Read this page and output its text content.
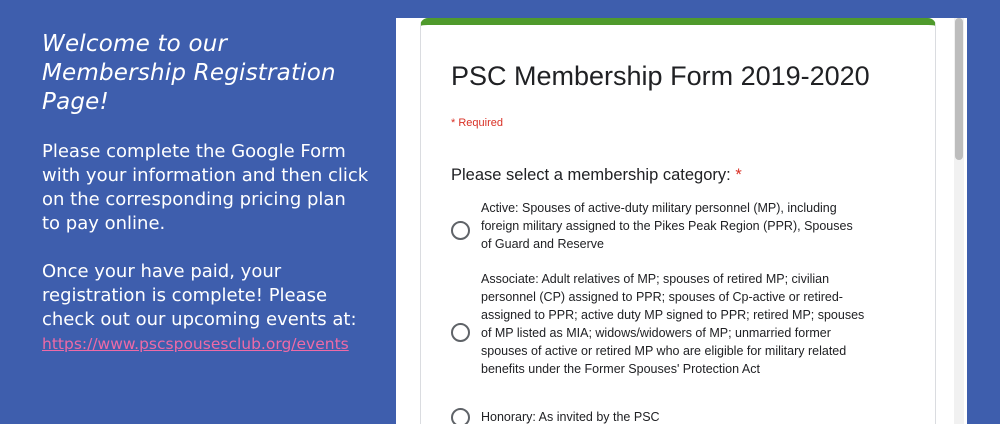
Welcome to our
Membership Registration
Page!
Please complete the Google Form
with your information and then click
on the corresponding pricing plan
to pay online.
Once your have paid, your
registration is complete! Please
check out our upcoming events at:
https://www.pscspousesclub.org/events
PSC Membership Form 2019-2020
* Required
Please select a membership category: *
Active: Spouses of active-duty military personnel (MP), including
foreign military assigned to the Pikes Peak Region (PPR), Spouses
of Guard and Reserve
Associate: Adult relatives of MP; spouses of retired MP; civilian
personnel (CP) assigned to PPR; spouses of Cp-active or retired-
assigned to PPR; active duty MP signed to PPR; retired MP; spouses
of MP listed as MIA; widows/widowers of MP; unmarried former
spouses of active or retired MP who are eligible for military related
benefits under the Former Spouses' Protection Act
Honorary: As invited by the PSC
